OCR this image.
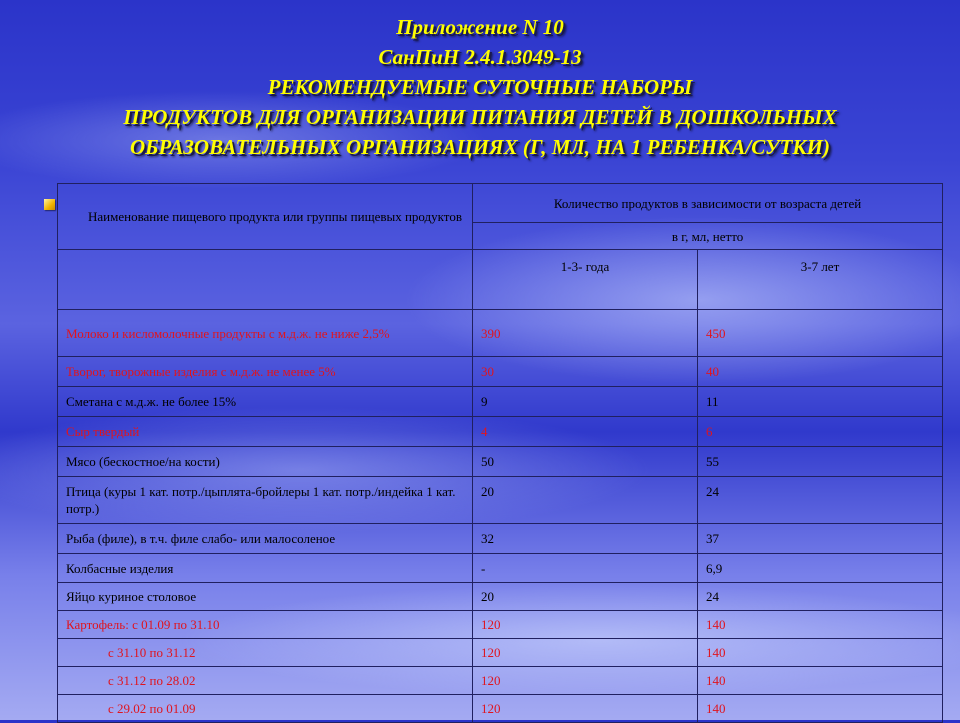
Приложение N 10
СанПиН 2.4.1.3049-13
РЕКОМЕНДУЕМЫЕ СУТОЧНЫЕ НАБОРЫ
ПРОДУКТОВ ДЛЯ ОРГАНИЗАЦИИ ПИТАНИЯ ДЕТЕЙ В ДОШКОЛЬНЫХ
ОБРАЗОВАТЕЛЬНЫХ ОРГАНИЗАЦИЯХ (Г, МЛ, НА 1 РЕБЕНКА/СУТКИ)
Наименование пищевого продукта или группы пищевых продуктов	Количество продуктов в зависимости от возраста детей	
	в г, мл, нетто	
	1-3- года	3-7 лет
Молоко и кисломолочные продукты с м.д.ж. не ниже 2,5%	390	450
Творог, творожные изделия с м.д.ж. не менее 5%	30	40
Сметана с м.д.ж. не более 15%	9	11
Сыр твердый	4	6
Мясо (бескостное/на кости)	50	55
Птица (куры 1 кат. потр./цыплята-бройлеры 1 кат. потр./индейка 1 кат. потр.)	20	24
Рыба (филе), в т.ч. филе слабо- или малосоленое	32	37
Колбасные изделия	-	6,9
Яйцо куриное столовое	20	24
Картофель: с 01.09 по 31.10	120	140
с 31.10 по 31.12	120	140
с 31.12 по 28.02	120	140
с 29.02 по 01.09	120	140
